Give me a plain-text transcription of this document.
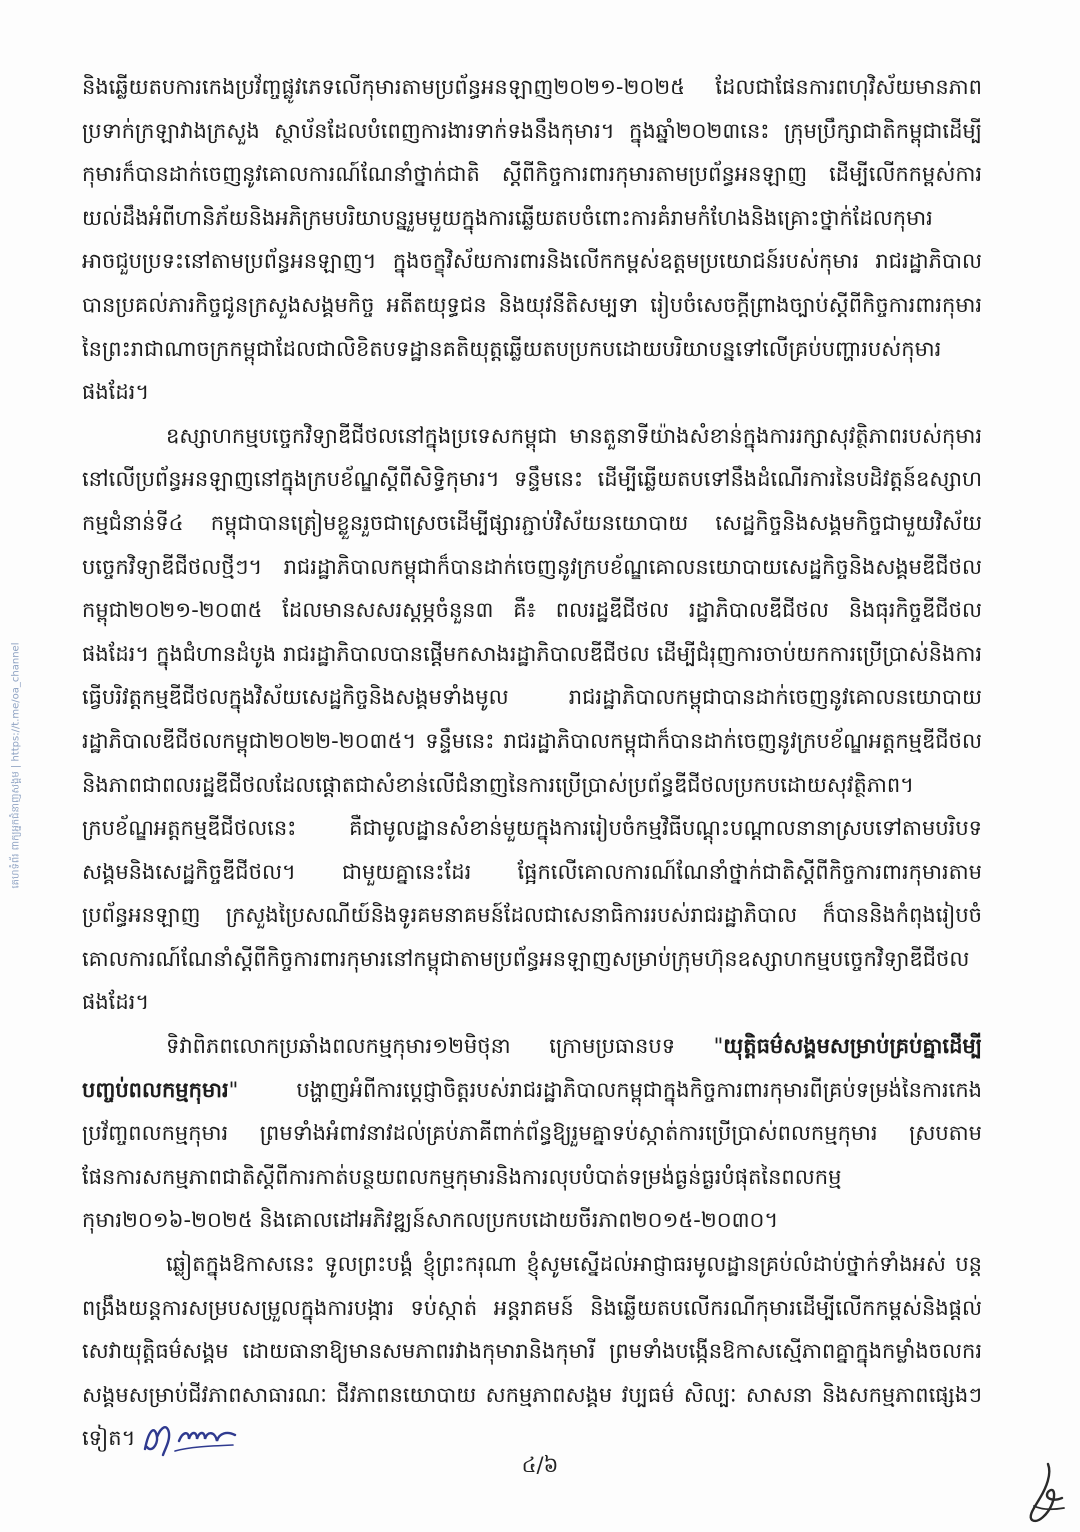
គេហទំព័រ ពាក្យអ្នកជំនាញសង្គម | https://t.me/oa_channel

និងឆ្លើយតបការកេងប្រវ័ញ្ចផ្លូវភេទលើកុមារតាមប្រព័ន្ធអនឡាញ២០២១-២០២៥ ដែលជាផែនការពហុវិស័យមានភាពប្រទាក់ក្រឡាវាងក្រសួង ស្ថាប័នដែលបំពេញការងារទាក់ទងនឹងកុមារ។ ក្នុងឆ្នាំ២០២៣នេះ ក្រុមប្រឹក្សាជាតិកម្ពុជាដើម្បីកុមារក៏បានដាក់ចេញនូវគោលការណ៍ណែនាំថ្នាក់ជាតិ ស្តីពីកិច្ចការពារកុមារតាមប្រព័ន្ធអនឡាញ ដើម្បីលើកកម្ពស់ការយល់ដឹងអំពីហានិភ័យនិងអភិក្រមបរិយាបន្នរួមមួយក្នុងការឆ្លើយតបចំពោះការគំរាមកំហែងនិងគ្រោះថ្នាក់ដែលកុមារអាចជួបប្រទះនៅតាមប្រព័ន្ធអនឡាញ។ ក្នុងចក្ខុវិស័យការពារនិងលើកកម្ពស់ឧត្តមប្រយោជន៍របស់កុមារ រាជរដ្ឋាភិបាលបានប្រគល់ភារកិច្ចជូនក្រសួងសង្គមកិច្ច អតីតយុទ្ធជន និងយុវនីតិសម្បទា រៀបចំសេចក្តីព្រាងច្បាប់ស្តីពីកិច្ចការពារកុមារនៃព្រះរាជាណាចក្រកម្ពុជាដែលជាលិខិតបទដ្ឋានគតិយុត្តឆ្លើយតបប្រកបដោយបរិយាបន្នទៅលើគ្រប់បញ្ហារបស់កុមារផងដែរ។

ឧស្សាហកម្មបច្ចេកវិទ្យាឌីជីថលនៅក្នុងប្រទេសកម្ពុជា មានតួនាទីយ៉ាងសំខាន់ក្នុងការរក្សាសុវត្ថិភាពរបស់កុមារនៅលើប្រព័ន្ធអនឡាញនៅក្នុងក្របខ័ណ្ឌស្តីពីសិទ្ធិកុមារ។ ទន្ទឹមនេះ ដើម្បីឆ្លើយតបទៅនឹងដំណើរការនៃបដិវត្តន៍ឧស្សាហកម្មជំនាន់ទី៤ កម្ពុជាបានត្រៀមខ្លួនរួចជាស្រេចដើម្បីផ្សារភ្ជាប់វិស័យនយោបាយ សេដ្ឋកិច្ចនិងសង្គមកិច្ចជាមួយវិស័យបច្ចេកវិទ្យាឌីជីថលថ្មីៗ។ រាជរដ្ឋាភិបាលកម្ពុជាក៏បានដាក់ចេញនូវក្របខ័ណ្ឌគោលនយោបាយសេដ្ឋកិច្ចនិងសង្គមឌីជីថលកម្ពុជា២០២១-២០៣៥ ដែលមានសសរស្តម្ភចំនួន៣ គឺ៖ ពលរដ្ឋឌីជីថល រដ្ឋាភិបាលឌីជីថល និងធុរកិច្ចឌីជីថលផងដែរ។ ក្នុងជំហានដំបូង រាជរដ្ឋាភិបាលបានផ្តើមកសាងរដ្ឋាភិបាលឌីជីថល ដើម្បីជំរុញការចាប់យកការប្រើប្រាស់និងការធ្វើបរិវត្តកម្មឌីជីថលក្នុងវិស័យសេដ្ឋកិច្ចនិងសង្គមទាំងមូល រាជរដ្ឋាភិបាលកម្ពុជាបានដាក់ចេញនូវគោលនយោបាយរដ្ឋាភិបាលឌីជីថលកម្ពុជា២០២២-២០៣៥។ ទន្ទឹមនេះ រាជរដ្ឋាភិបាលកម្ពុជាក៏បានដាក់ចេញនូវក្របខ័ណ្ឌអត្តកម្មឌីជីថលនិងភាពជាពលរដ្ឋឌីជីថលដែលផ្តោតជាសំខាន់លើជំនាញនៃការប្រើប្រាស់ប្រព័ន្ធឌីជីថលប្រកបដោយសុវត្ថិភាព។ ក្របខ័ណ្ឌអត្តកម្មឌីជីថលនេះ គឺជាមូលដ្ឋានសំខាន់មួយក្នុងការរៀបចំកម្មវិធីបណ្តុះបណ្តាលនានាស្របទៅតាមបរិបទសង្គមនិងសេដ្ឋកិច្ចឌីជីថល។ ជាមួយគ្នានេះដែរ ផ្អែកលើគោលការណ៍ណែនាំថ្នាក់ជាតិស្តីពីកិច្ចការពារកុមារតាមប្រព័ន្ធអនឡាញ ក្រសួងប្រៃសណីយ៍និងទូរគមនាគមន៍ដែលជាសេនាធិការរបស់រាជរដ្ឋាភិបាល ក៏បាននិងកំពុងរៀបចំគោលការណ៍ណែនាំស្តីពីកិច្ចការពារកុមារនៅកម្ពុជាតាមប្រព័ន្ធអនឡាញសម្រាប់ក្រុមហ៊ុនឧស្សាហកម្មបច្ចេកវិទ្យាឌីជីថលផងដែរ។

ទិវាពិភពលោកប្រឆាំងពលកម្មកុមារ១២មិថុនា ក្រោមប្រធានបទ "យុត្តិធម៌សង្គមសម្រាប់គ្រប់គ្នាដើម្បីបញ្ចប់ពលកម្មកុមារ" បង្ហាញអំពីការប្តេជ្ញាចិត្តរបស់រាជរដ្ឋាភិបាលកម្ពុជាក្នុងកិច្ចការពារកុមារពីគ្រប់ទម្រង់នៃការកេងប្រវ័ញ្ចពលកម្មកុមារ ព្រមទាំងអំពាវនាវដល់គ្រប់ភាគីពាក់ព័ន្ធឱ្យរួមគ្នាទប់ស្កាត់ការប្រើប្រាស់ពលកម្មកុមារ ស្របតាមផែនការសកម្មភាពជាតិស្តីពីការកាត់បន្ថយពលកម្មកុមារនិងការលុបបំបាត់ទម្រង់ធ្ងន់ធ្ងរបំផុតនៃពលកម្មកុមារ២០១៦-២០២៥ និងគោលដៅអភិវឌ្ឍន៍សាកលប្រកបដោយចីរភាព២០១៥-២០៣០។

ឆ្លៀតក្នុងឱកាសនេះ ទូលព្រះបង្គំ ខ្ញុំព្រះករុណា ខ្ញុំសូមស្នើដល់អាជ្ញាធរមូលដ្ឋានគ្រប់លំដាប់ថ្នាក់ទាំងអស់ បន្តពង្រឹងយន្តការសម្របសម្រួលក្នុងការបង្ការ ទប់ស្កាត់ អន្តរាគមន៍ និងឆ្លើយតបលើករណីកុមារដើម្បីលើកកម្ពស់និងផ្តល់សេវាយុត្តិធម៌សង្គម ដោយធានាឱ្យមានសមភាពរវាងកុមារានិងកុមារី ព្រមទាំងបង្កើនឱកាសស្មើភាពគ្នាក្នុងកម្លាំងចលករសង្គមសម្រាប់ជីវភាពសាធារណៈ ជីវភាពនយោបាយ សកម្មភាពសង្គម វប្បធម៌ សិល្បៈ សាសនា និងសកម្មភាពផ្សេងៗទៀត។

៤/៦
